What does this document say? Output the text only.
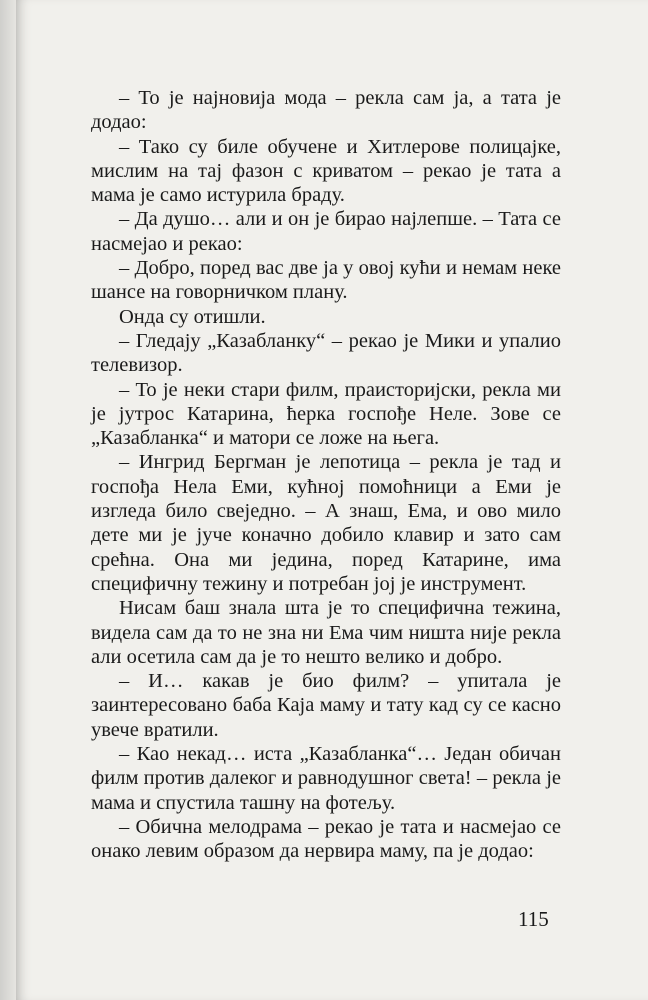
– То је најновија мода – рекла сам ја, а тата је додао:

– Тако су биле обучене и Хитлерове полицајке, мислим на тај фазон с криватом – рекао је тата а мама је само истурила браду.

– Да душо… али и он је бирао најлепше. – Тата се насмејао и рекао:

– Добро, поред вас две ја у овој кући и немам неке шансе на говорничком плану.

Онда су отишли.

– Гледају „Казабланку“ – рекао је Мики и упалио телевизор.

– То је неки стари филм, праисторијски, рекла ми је јутрос Катарина, ћерка госпође Неле. Зове се „Казабланка“ и матори се ложе на њега.

– Ингрид Бергман је лепотица – рекла је тад и госпођа Нела Еми, кућној помоћници а Еми је изгледа било свеједно. – А знаш, Ема, и ово мило дете ми је јуче коначно добило клавир и зато сам срећна. Она ми једина, поред Катарине, има специфичну тежину и потребан јој је инструмент.

Нисам баш знала шта је то специфична тежина, видела сам да то не зна ни Ема чим ништа није рекла али осетила сам да је то нешто велико и добро.

– И… какав је био филм? – упитала је заинтересовано баба Каја маму и тату кад су се касно увече вратили.

– Као некад… иста „Казабланка“… Један обичан филм против далеког и равнодушног света! – рекла је мама и спустила ташну на фотељу.

– Обична мелодрама – рекао је тата и насмејао се онако левим образом да нервира маму, па је додао:

115
